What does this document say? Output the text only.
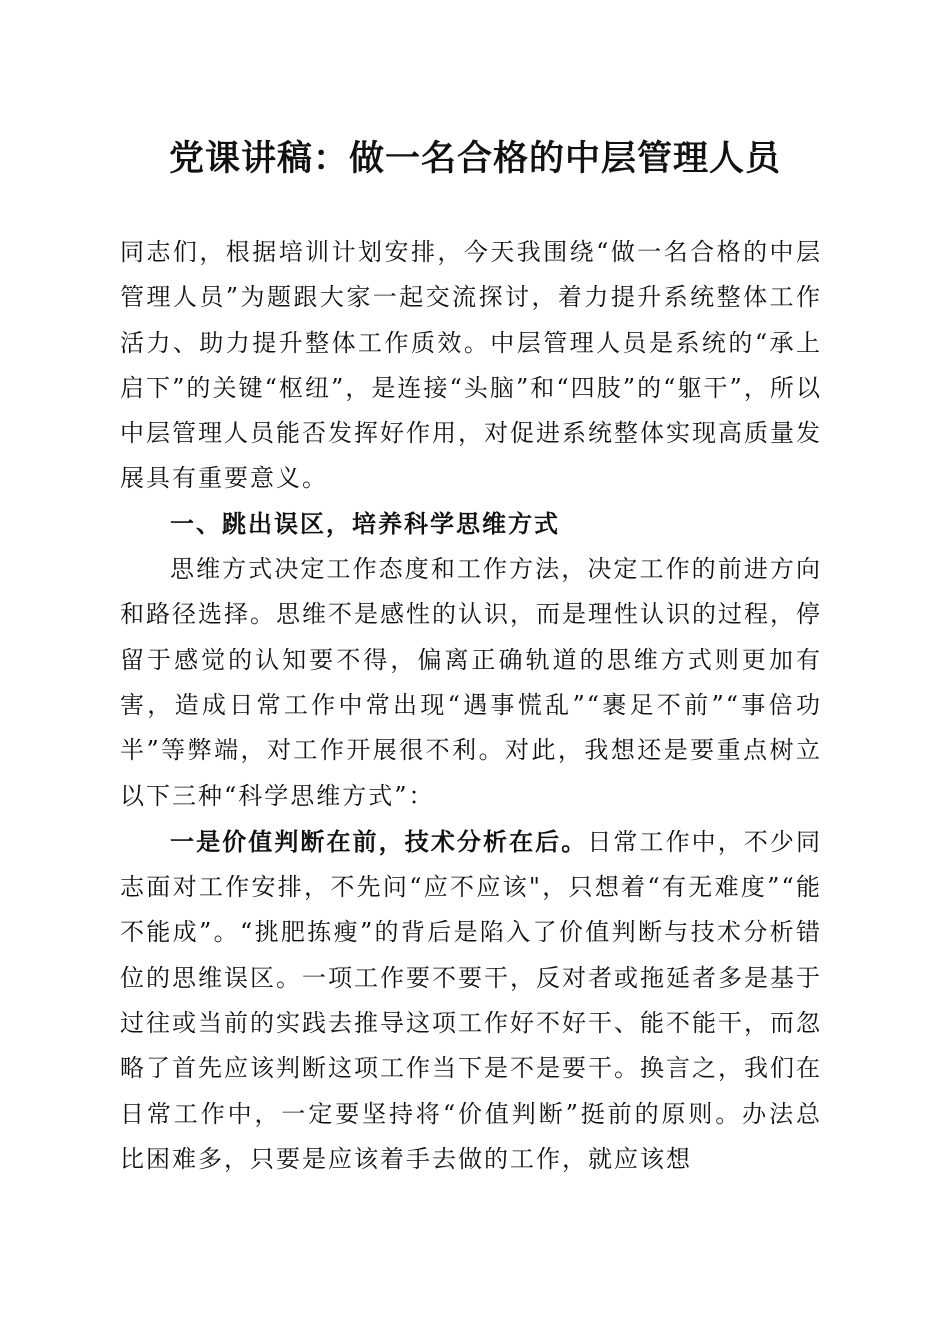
党课讲稿：做一名合格的中层管理人员

同志们，根据培训计划安排，今天我围绕“做一名合格的中层管理人员”为题跟大家一起交流探讨，着力提升系统整体工作活力、助力提升整体工作质效。中层管理人员是系统的“承上启下”的关键“枢纽”，是连接“头脑”和“四肢”的“躯干”，所以中层管理人员能否发挥好作用，对促进系统整体实现高质量发展具有重要意义。

一、跳出误区，培养科学思维方式

思维方式决定工作态度和工作方法，决定工作的前进方向和路径选择。思维不是感性的认识，而是理性认识的过程，停留于感觉的认知要不得，偏离正确轨道的思维方式则更加有害，造成日常工作中常出现“遇事慌乱”“裹足不前”“事倍功半”等弊端，对工作开展很不利。对此，我想还是要重点树立以下三种“科学思维方式”：

一是价值判断在前，技术分析在后。日常工作中，不少同志面对工作安排，不先问“应不应该"，只想着“有无难度”“能不能成”。“挑肥拣瘦”的背后是陷入了价值判断与技术分析错位的思维误区。一项工作要不要干，反对者或拖延者多是基于过往或当前的实践去推导这项工作好不好干、能不能干，而忽略了首先应该判断这项工作当下是不是要干。换言之，我们在日常工作中，一定要坚持将“价值判断”挺前的原则。办法总比困难多，只要是应该着手去做的工作，就应该想
